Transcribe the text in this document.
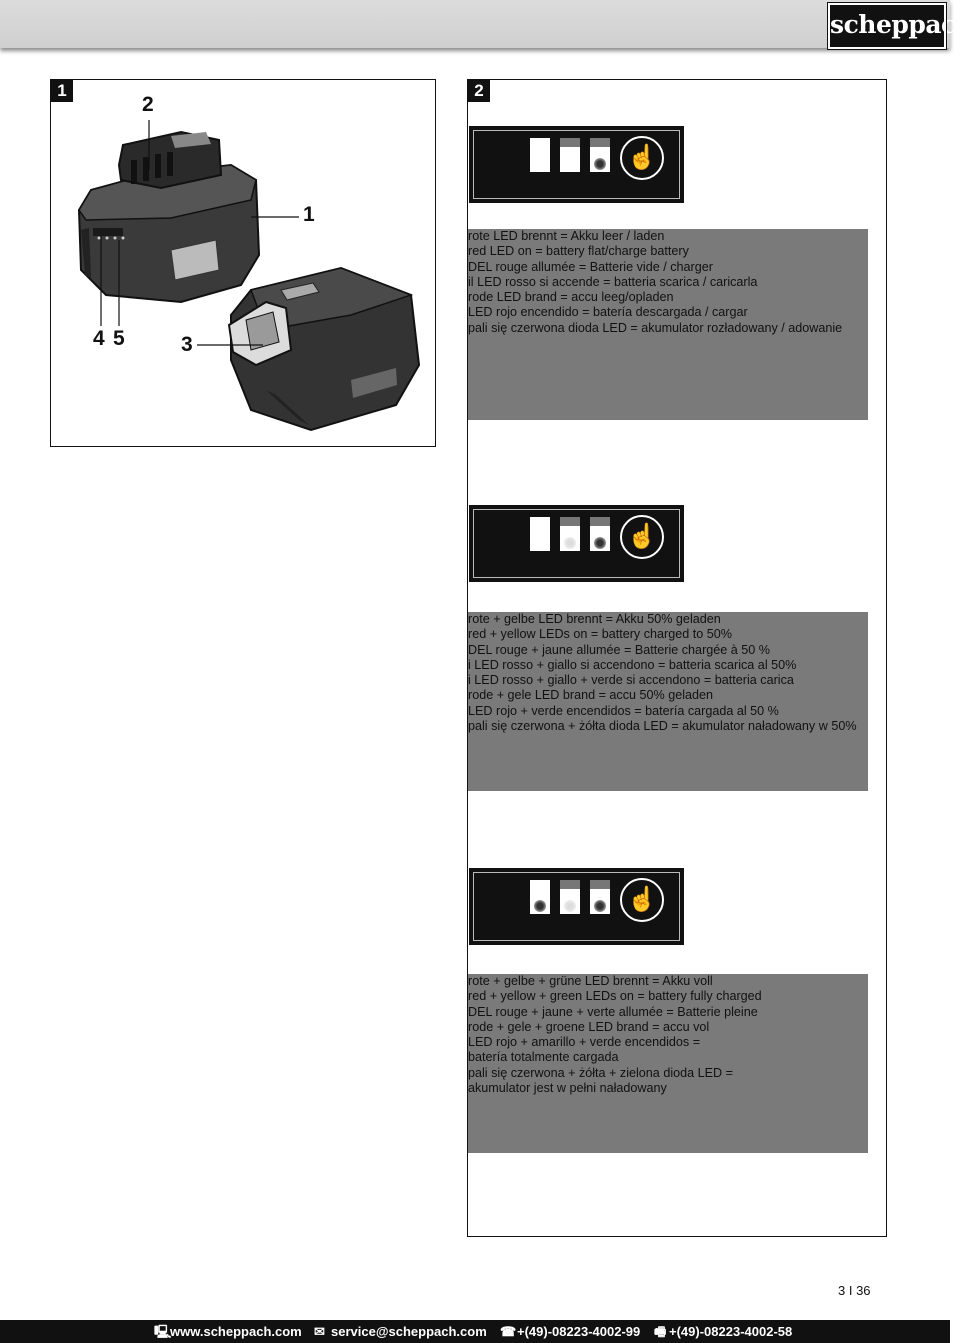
scheppach
1
2
1
4 5	3
2
☝
rote LED brennt = Akku leer / laden
red LED on = battery flat/charge battery
DEL rouge allumée = Batterie vide / charger
il LED rosso si accende = batteria scarica / caricarla
rode LED brand = accu leeg/opladen
LED rojo encendido = batería descargada / cargar
pali się czerwona dioda LED = akumulator rozładowany / adowanie
☝
rote + gelbe LED brennt = Akku 50% geladen
red + yellow LEDs on = battery charged to 50%
DEL rouge + jaune allumée = Batterie chargée à 50 %
i LED rosso + giallo si accendono = batteria scarica al 50%
i LED rosso + giallo + verde si accendono = batteria carica
rode + gele LED brand = accu 50% geladen
LED rojo + verde encendidos = batería cargada al 50 %
pali się czerwona + żółta dioda LED = akumulator naładowany w 50%
☝
rote + gelbe + grüne LED brennt = Akku voll
red + yellow + green LEDs on = battery fully charged
DEL rouge + jaune + verte allumée = Batterie pleine
rode + gele + groene LED brand = accu vol
LED rojo + amarillo + verde encendidos =
batería totalmente cargada
pali się czerwona + żółta + zielona dioda LED =
akumulator jest w pełni naładowany
3 I 36
🖳
www.scheppach.com ✉ service@scheppach.com ☎ +(49)-08223-4002-99 🖷 +(49)-08223-4002-58
